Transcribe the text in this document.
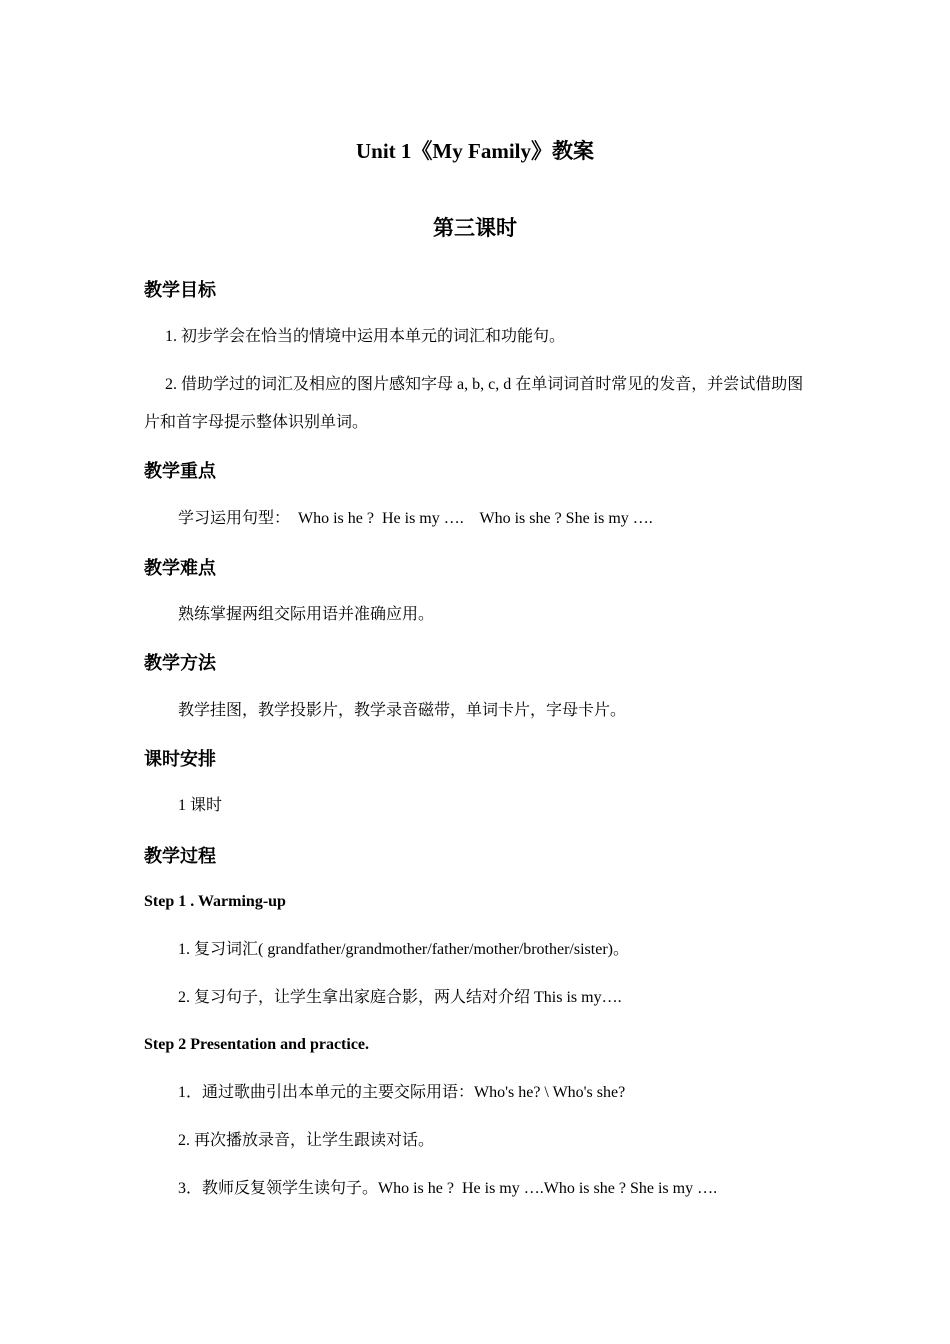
Unit 1《My Family》教案
第三课时
教学目标
1. 初步学会在恰当的情境中运用本单元的词汇和功能句。
2. 借助学过的词汇及相应的图片感知字母 a, b, c, d 在单词词首时常见的发音，并尝试借助图片和首字母提示整体识别单词。
教学重点
学习运用句型：  Who is he ?  He is my ….    Who is she ? She is my ….
教学难点
熟练掌握两组交际用语并准确应用。
教学方法
教学挂图，教学投影片，教学录音磁带，单词卡片，字母卡片。
课时安排
1 课时
教学过程
Step 1 . Warming-up
1. 复习词汇( grandfather/grandmother/father/mother/brother/sister)。
2. 复习句子，让学生拿出家庭合影，两人结对介绍 This is my….
Step 2 Presentation and practice.
1．通过歌曲引出本单元的主要交际用语：Who's he? \ Who's she?
2. 再次播放录音，让学生跟读对话。
3．教师反复领学生读句子。Who is he ?  He is my ….Who is she ? She is my ….
